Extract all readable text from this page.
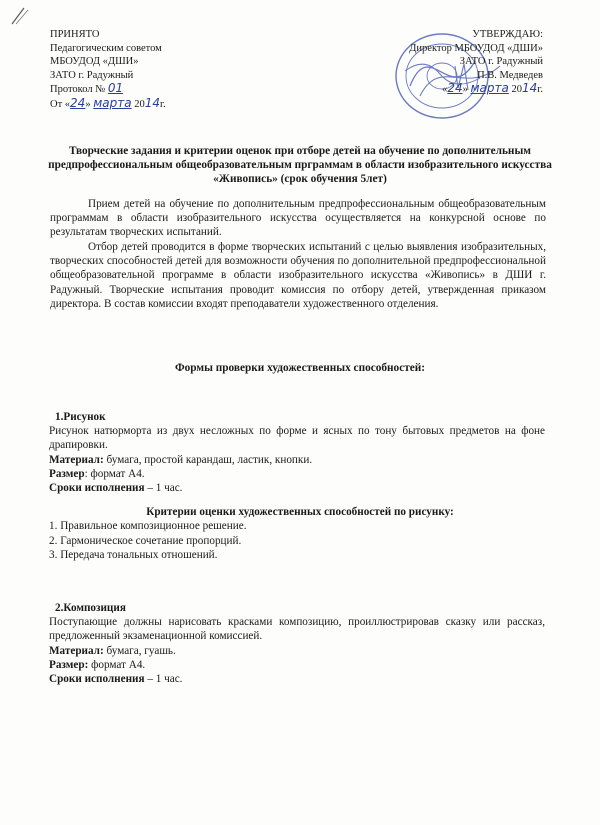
ПРИНЯТО
Педагогическим советом
МБОУДОД «ДШИ»
ЗАТО г. Радужный
Протокол № 01
От «24» марта 2014г.
УТВЕРЖДАЮ:
Директор МБОУДОД «ДШИ»
ЗАТО г. Радужный
П.В. Медведев
«24» марта 2014г.
Творческие задания и критерии оценок при отборе детей на обучение по дополнительным предпрофессиональным общеобразовательным прграммам в области изобразительного искусства «Живопись» (срок обучения 5лет)

Прием детей на обучение по дополнительным предпрофессиональным общеобразовательным программам в области изобразительного искусства осуществляется на конкурсной основе по результатам творческих испытаний.

Отбор детей проводится в форме творческих испытаний с целью выявления изобразительных, творческих способностей детей для возможности обучения по дополнительной предпрофессиональной общеобразовательной программе в области изобразительного искусства «Живопись» в ДШИ г. Радужный. Творческие испытания проводит комиссия по отбору детей, утвержденная приказом директора. В состав комиссии входят преподаватели художественного отделения.

Формы проверки художественных способностей:
1.Рисунок
Рисунок натюрморта из двух несложных по форме и ясных по тону бытовых предметов на фоне драпировки.
Материал: бумага, простой карандаш, ластик, кнопки.
Размер: формат А4.
Сроки исполнения – 1 час.
Критерии оценки художественных способностей по рисунку:
1. Правильное композиционное решение.
2. Гармоническое сочетание пропорций.
3. Передача тональных отношений.
2.Композиция
Поступающие должны нарисовать красками композицию, проиллюстрировав сказку или рассказ, предложенный экзаменационной комиссией.
Материал: бумага, гуашь.
Размер: формат А4.
Сроки исполнения – 1 час.
